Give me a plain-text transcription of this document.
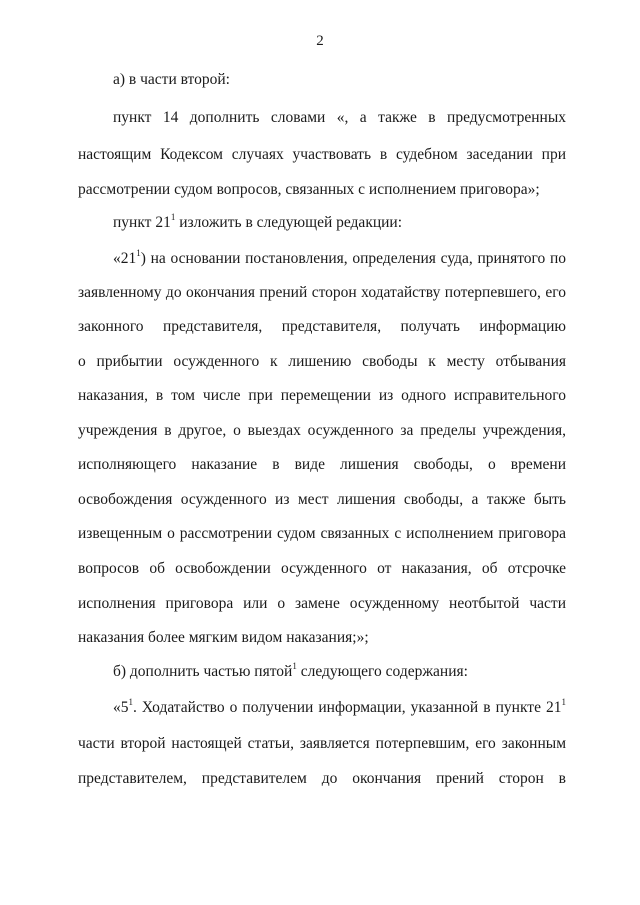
2
а) в части второй:
пункт 14 дополнить словами «, а также в предусмотренных
настоящим Кодексом случаях участвовать в судебном заседании при
рассмотрении судом вопросов, связанных с исполнением приговора»;
пункт $21^1$ изложить в следующей редакции:
«$21^1$) на основании постановления, определения суда, принятого по
заявленному до окончания прений сторон ходатайству потерпевшего, его
законного представителя, представителя, получать информацию
о прибытии осужденного к лишению свободы к месту отбывания
наказания, в том числе при перемещении из одного исправительного
учреждения в другое, о выездах осужденного за пределы учреждения,
исполняющего наказание в виде лишения свободы, о времени
освобождения осужденного из мест лишения свободы, а также быть
извещенным о рассмотрении судом связанных с исполнением приговора
вопросов об освобождении осужденного от наказания, об отсрочке
исполнения приговора или о замене осужденному неотбытой части
наказания более мягким видом наказания;»;
б) дополнить частью пятой$^1$ следующего содержания:
«$5^1$. Ходатайство о получении информации, указанной в пункте $21^1$
части второй настоящей статьи, заявляется потерпевшим, его законным
представителем, представителем до окончания прений сторон в
